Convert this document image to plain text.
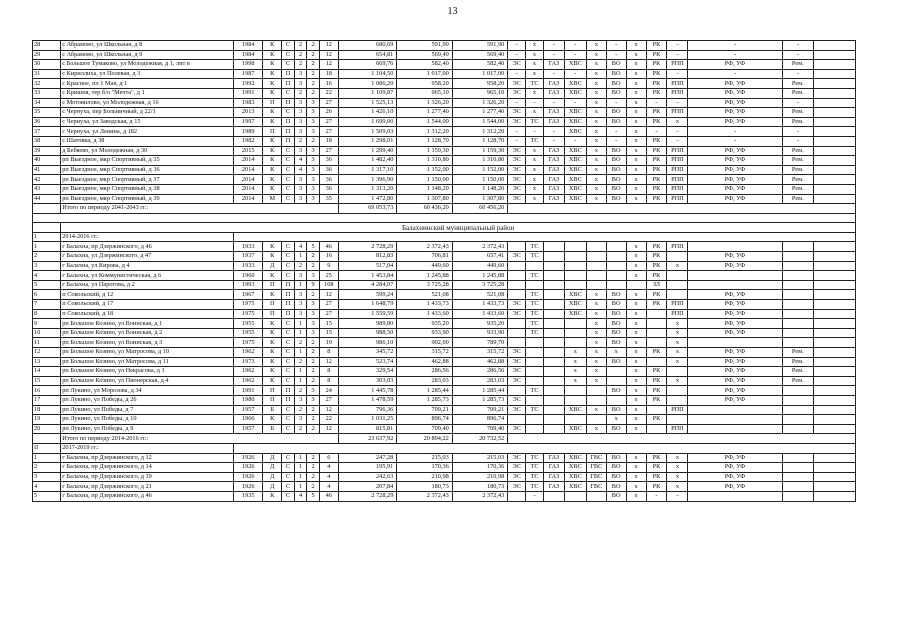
13
28	с Абрамово, ул Школьная, д 8	1984	К	С	2	2	12	680,69	591,90	591,90	-	х	-	-	х	-	х	РК	-	-	-	
29	с Абрамово, ул Школьная, д 9	1984	К	С	2	2	12	654,81	569,40	569,40	-	х	-	-	х	-	х	РК	-	-	-	
30	с Большое Тумаково, ул Молодежная, д 1, лит в	1998	К	С	2	2	12	669,76	582,40	582,40	ЭС	х	ГАЗ	ХВС	х	ВО	х	РК	РПП	РФ, УФ	Рем.	
31	с Кириллиха, ул Полевая, д 3	1987	К	П	3	2	18	1 104,50	1 017,00	1 017,00	-	х	-	-	х	ВО	х	РК	-	-	-	
32	с Красное, пл 1 Мая, д 1	1992	К	П	3	2	16	1 086,20	958,20	958,20	ЭС	ТС	ГАЗ	ХВС	х	ВО	х	РК	РПП	РФ, УФ	Рем.	
33	с Кришня, тер б/о "Мечта", д 1	1991	К	С	2	2	22	1 109,87	965,10	965,10	ЭС	х	ГАЗ	ХВС	х	ВО	х	РК	РПП	РФ, УФ	Рем.	
34	с Мотовилово, ул Молодежная, д 16	1983	П	П	3	3	27	1 525,13	1 326,20	1 326,20	-	-	-	-	х	-	х	-	-	РФ, УФ	-	
35	с Чернуха, пер Больничный, д 22/1	2013	К	С	3	3	26	1 426,10	1 277,40	1 277,40	ЭС	х	ГАЗ	ХВС	х	ВО	х	РК	РПП	РФ, УФ	Рем.	
36	с Чернуха, ул Заводская, д 15	1997	К	П	3	3	27	1 699,00	1 544,00	1 544,00	ЭС	ТС	ГАЗ	ХВС	х	ВО	х	РК	х	РФ, УФ	Рем.	
37	с Чернуха, ул Ленина, д 182	1989	П	П	3	3	27	1 509,03	1 312,20	1 312,20	-	-	-	ХВС	х	-	х	-	-	-	-	
38	с Шатовка, д 38	1982	К	П	2	2	18	1 298,01	1 128,70	1 128,70	-	ТС	-	-	х	-	х	РК	-	-	-	
39	д Бебяево, ул Молодежная, д 30	2015	К	С	3	3	27	1 299,40	1 159,30	1 159,30	ЭС	х	ГАЗ	ХВС	х	ВО	х	РК	РПП	РФ, УФ	Рем.	
40	рп Выездное, мкр Спортивный, д 35	2014	К	С	4	3	36	1 482,40	1 310,80	1 310,80	ЭС	х	ГАЗ	ХВС	х	ВО	х	РК	РПП	РФ, УФ	Рем.	
41	рп Выездное, мкр Спортивный, д 36	2014	К	С	4	3	36	1 317,10	1 152,00	1 152,00	ЭС	х	ГАЗ	ХВС	х	ВО	х	РК	РПП	РФ, УФ	Рем.	
42	рп Выездное, мкр Спортивный, д 37	2014	К	С	3	3	36	1 396,90	1 150,00	1 150,00	ЭС	х	ГАЗ	ХВС	х	ВО	х	РК	РПП	РФ, УФ	Рем.	
43	рп Выездное, мкр Спортивный, д 38	2014	К	С	3	3	36	1 313,20	1 148,20	1 148,20	ЭС	х	ГАЗ	ХВС	х	ВО	х	РК	РПП	РФ, УФ	Рем.	
44	рп Выездное, мкр Спортивный, д 39	2014	М	С	3	3	35	1 472,80	1 307,80	1 307,80	ЭС	х	ГАЗ	ХВС	х	ВО	х	РК	РПП	РФ, УФ	Рем.	
	Итого по периоду 2041-2043 гг.:							69 053,73	60 436,20	60 456,20												

	Балахнинский муниципальный район																					
1	2014-2016 гг.:																					
1	г Балахна, пр Дзержинского, д 46	1933	К	С	4	5	46	2 728,29	2 372,43	2 372,43		ТС					х	РК	РПП			
2	г Балахна, ул Дзержинского, д 47	1937	К	С	1	2	16	812,83	706,81	657,41	ЭС	ТС					х	РК		РФ, УФ		
3	г Балахна, ул Кирова, д 4	1933	Д	С	2	2	9	517,04	449,60	449,60							х	РК	х	РФ, УФ		
4	г Балахна, ул Коммунистическая, д 6	1960	К	С	3	3	25	1 453,84	1 245,88	1 245,88		ТС					х	РК				
5	г Балахна, ул Парогова, д 2	1993	П	П	1	9	108	4 284,07	3 725,28	3 725,28								ЗЛ				
6	п Сокольский, д 12	1967	К	П	3	2	12	599,24	521,08	521,08		ТС		ХВС	х	ВО	х	РК		РФ, УФ		
7	п Сокольский, д 17	1975	П	П	3	3	27	1 648,79	1 433,73	1 433,73	ЭС	ТС		ХВС	х	ВО	х	РК	РПП	РФ, УФ		
8	п Сокольский, д 18	1975	П	П	3	3	27	1 559,59	1 433,60	1 433,60	ЭС	ТС		ХВС	х	ВО	х		РПП	РФ, УФ		
9	рп Большое Козино, ул Воинская, д 1	1955	К	С	1	3	15	989,80	935,20	935,20		ТС			х	ВО	х		х	РФ, УФ		
10	рп Большое Козино, ул Воинская, д 2	1955	К	С	1	3	15	988,50	933,90	933,90		ТС			х	ВО	х		х	РФ, УФ		
11	рп Большое Козино, ул Воинская, д 3	1975	К	С	2	2	19	986,10	902,00	789,70					х	ВО	х		х			
12	рп Большое Козино, ул Матросова, д 10	1962	К	С	1	2	8	345,72	315,72	315,72	ЭС			х	х	х	х	РК	х	РФ, УФ	Рем.	
13	рп Большое Козино, ул Матросова, д 11	1973	К	С	2	2	12	523,74	462,88	462,88	ЭС			х	х	ВО	х		х	РФ, УФ	Рем.	
14	рп Большое Козино, ул Некрасова, д 1	1962	К	С	1	2	8	329,54	286,56	286,56	ЭС			х	х		х	РК		РФ, УФ	Рем.	
15	рп Большое Козино, ул Пионерская, д 4	1962	К	С	1	2	8	303,03	283,03	283,03	ЭС			х	х		х	РК	х	РФ, УФ	Рем.	
16	рп Лукино, ул Морозова, д 34	1991	П	П	2	3	24	1 445,78	1 285,44	1 285,44		ТС				ВО	х	РК		РФ, УФ		
17	рп Лукино, ул Победы, д 26	1980	П	П	3	3	27	1 478,59	1 285,73	1 285,73	ЭС						х	РК		РФ, УФ		
18	рп Лукино, ул Победы, д 7	1957	Б	С	2	2	12	796,36	709,21	709,21	ЭС	ТС		ХВС	х	ВО	х		РПП			
19	рп Лукино, ул Победы, д 10	1966	К	С	3	2	22	1 031,25	896,74	896,74						х	х	РК				
20	рп Лукино, ул Победы, д 9	1957	Б	С	2	2	12	815,81	709,40	709,40	ЭС			ХВС	х	ВО	х		РПП			
	Итого по периоду 2014-2016 гг.:							23 637,92	20 894,22	20 732,52												
II	2017-2019 гг.:																					
1	г Балахна, пр Дзержинского, д 12	1926	Д	С	1	2	6	247,28	215,03	215,03	ЭС	ТС	ГАЗ	ХВС	ГВС	ВО	х	РК	х	РФ, УФ		
2	г Балахна, пр Дзержинского, д 14	1926	Д	С	1	2	4	195,91	170,36	170,36	ЭС	ТС	ГАЗ	ХВС	ГВС	ВО	х	РК	х	РФ, УФ		
3	г Балахна, пр Дзержинского, д 19	1926	Д	С	1	2	4	242,63	210,98	210,98	ЭС	ТС	ГАЗ	ХВС	ГВС	ВО	х	РК	х	РФ, УФ		
4	г Балахна, пр Дзержинского, д 21	1926	Д	С	1	2	4	207,84	180,73	180,73	ЭС	ТС	ГАЗ	ХВС	ГВС	ВО	х	РК	х	РФ, УФ		
5	г Балахна, пр Дзержинского, д 46	1935	К	С	4	5	46	2 728,29	2 372,43	2 372,43		-				ВО	х	-	-			
